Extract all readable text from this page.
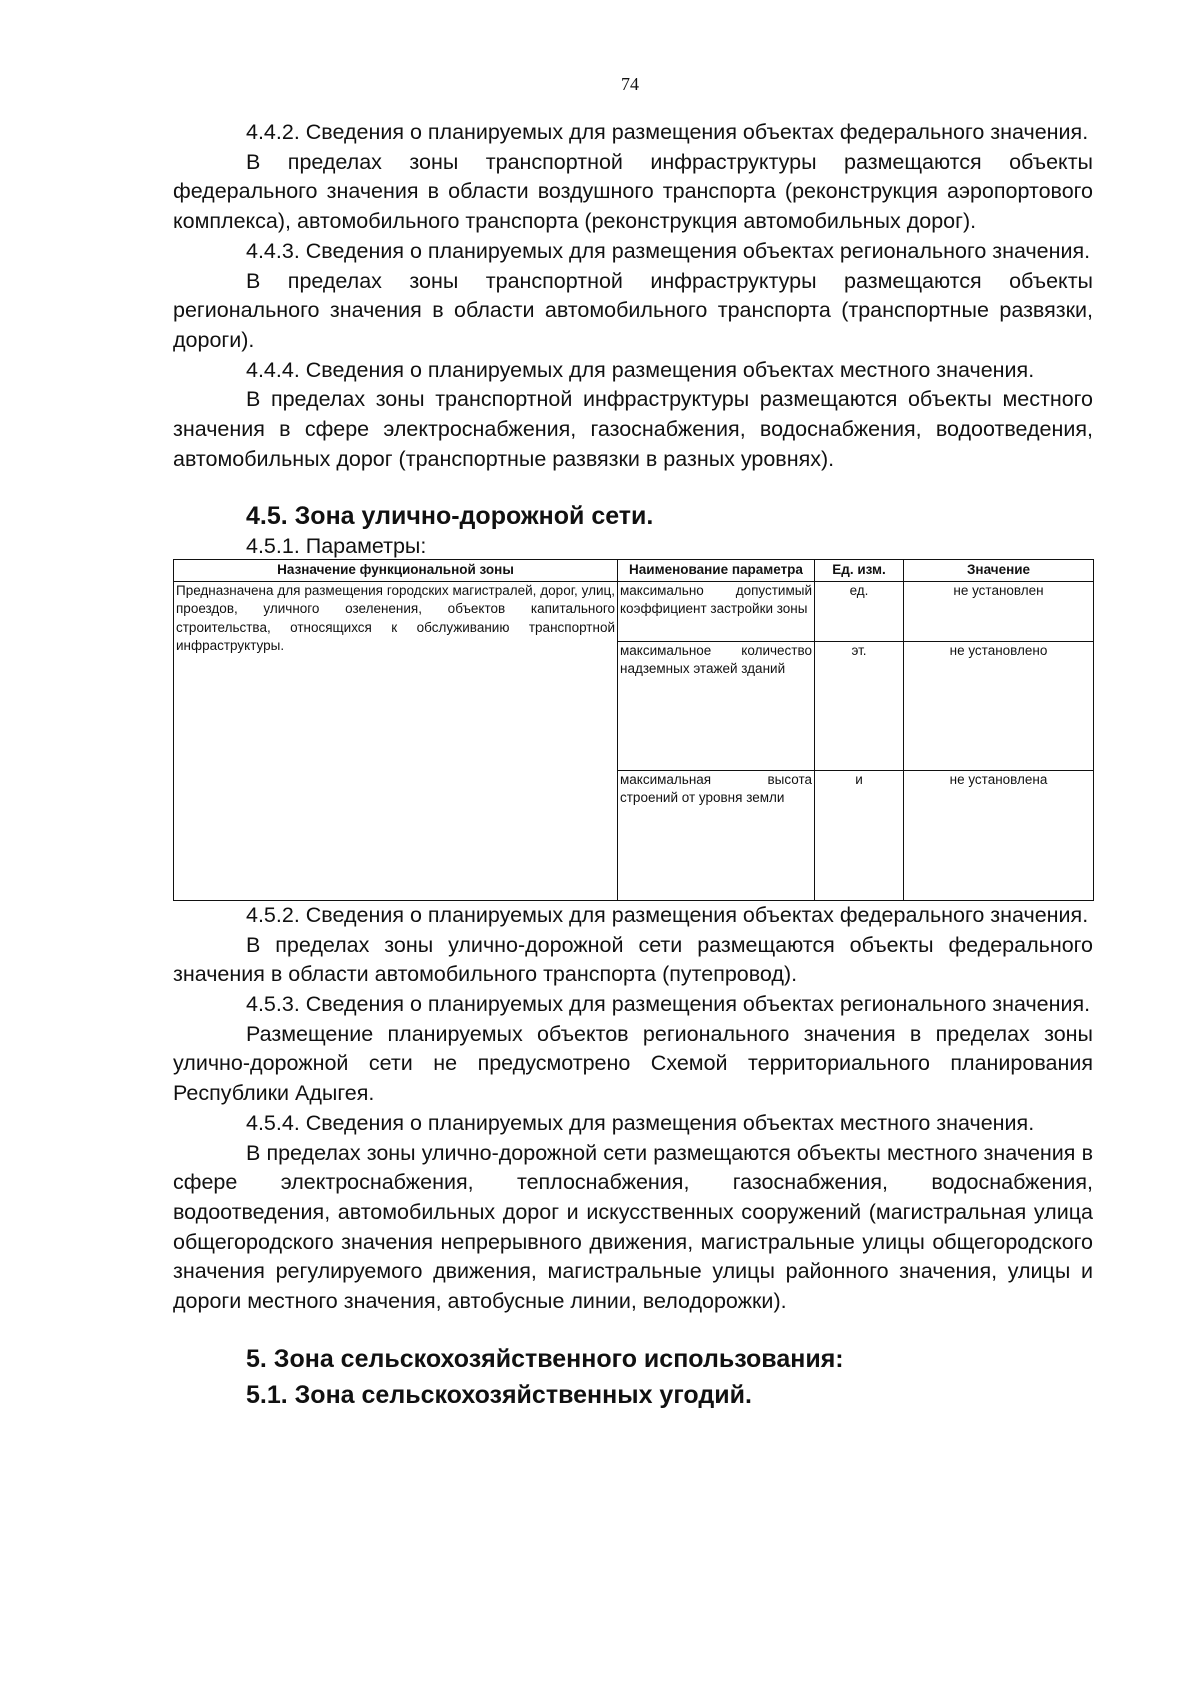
74

4.4.2. Сведения о планируемых для размещения объектах федерального значения.

В пределах зоны транспортной инфраструктуры размещаются объекты федерального значения в области воздушного транспорта (реконструкция аэропортового комплекса), автомобильного транспорта (реконструкция автомобильных дорог).

4.4.3. Сведения о планируемых для размещения объектах регионального значения.

В пределах зоны транспортной инфраструктуры размещаются объекты регионального значения в области автомобильного транспорта (транспортные развязки, дороги).

4.4.4. Сведения о планируемых для размещения объектах местного значения.

В пределах зоны транспортной инфраструктуры размещаются объекты местного значения в сфере электроснабжения, газоснабжения, водоснабжения, водоотведения, автомобильных дорог (транспортные развязки в разных уровнях).

4.5. Зона улично-дорожной сети.

4.5.1. Параметры:

Назначение функциональной зоны	Наименование параметра	Ед. изм.	Значение
Предназначена для размещения городских магистралей, дорог, улиц, проездов, уличного озеленения, объектов капитального строительства, относящихся к обслуживанию транспортной инфраструктуры.	максимально допустимый коэффициент застройки зоны	ед.	не установлен
	максимальное количество надземных этажей зданий	эт.	не установлено
	максимальная высота строений от уровня земли	и	не установлена

4.5.2. Сведения о планируемых для размещения объектах федерального значения.

В пределах зоны улично-дорожной сети размещаются объекты федерального значения в области автомобильного транспорта (путепровод).

4.5.3. Сведения о планируемых для размещения объектах регионального значения.

Размещение планируемых объектов регионального значения в пределах зоны улично-дорожной сети не предусмотрено Схемой территориального планирования Республики Адыгея.

4.5.4. Сведения о планируемых для размещения объектах местного значения.

В пределах зоны улично-дорожной сети размещаются объекты местного значения в сфере электроснабжения, теплоснабжения, газоснабжения, водоснабжения, водоотведения, автомобильных дорог и искусственных сооружений (магистральная улица общегородского значения непрерывного движения, магистральные улицы общегородского значения регулируемого движения, магистральные улицы районного значения, улицы и дороги местного значения, автобусные линии, велодорожки).

5. Зона сельскохозяйственного использования:
5.1. Зона сельскохозяйственных угодий.
